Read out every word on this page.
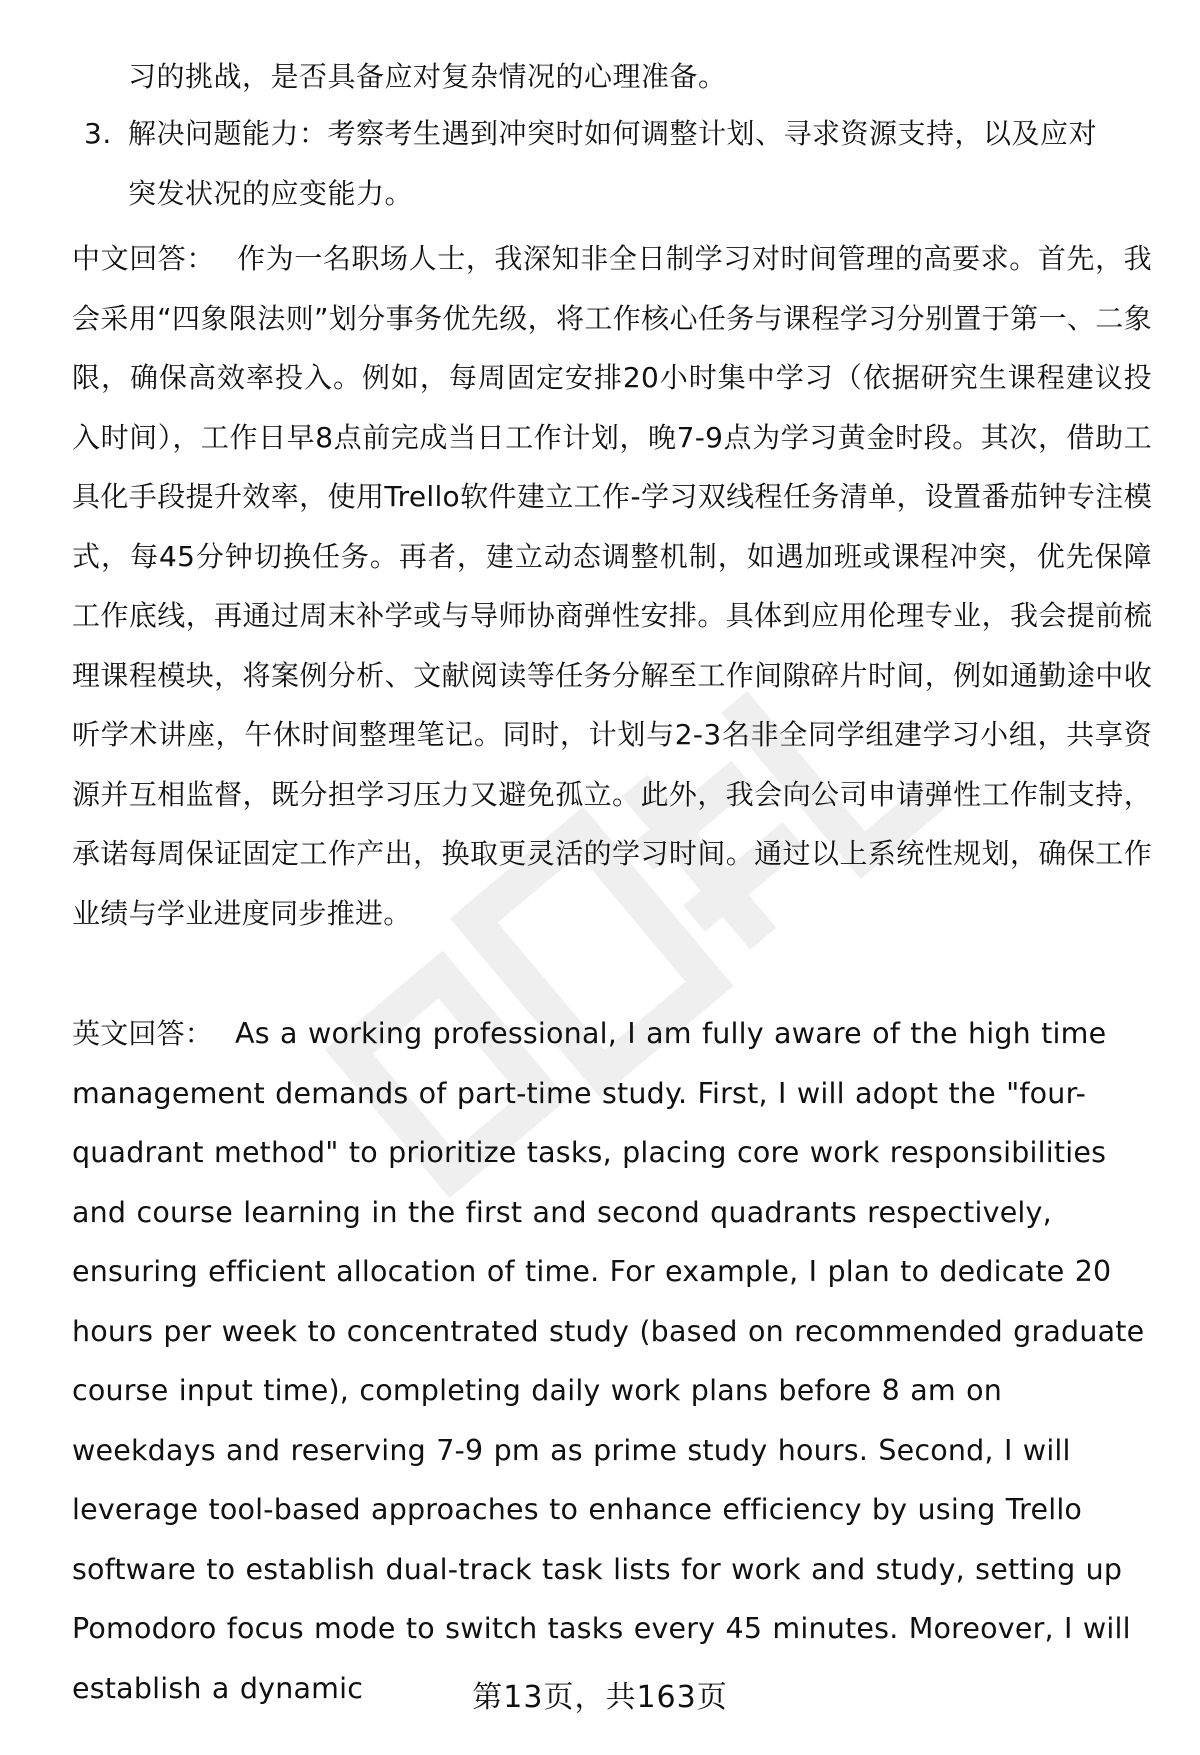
习的挑战，是否具备应对复杂情况的心理准备。
3. 解决问题能力：考察考生遇到冲突时如何调整计划、寻求资源支持，以及应对
突发状况的应变能力。
中文回答： 作为一名职场人士，我深知非全日制学习对时间管理的高要求。首先，我会采用“四象限法则”划分事务优先级，将工作核心任务与课程学习分别置于第一、二象限，确保高效率投入。例如，每周固定安排20小时集中学习（依据研究生课程建议投入时间），工作日早8点前完成当日工作计划，晚7-9点为学习黄金时段。其次，借助工具化手段提升效率，使用Trello软件建立工作-学习双线程任务清单，设置番茄钟专注模式，每45分钟切换任务。再者，建立动态调整机制，如遇加班或课程冲突，优先保障工作底线，再通过周末补学或与导师协商弹性安排。具体到应用伦理专业，我会提前梳理课程模块，将案例分析、文献阅读等任务分解至工作间隙碎片时间，例如通勤途中收听学术讲座，午休时间整理笔记。同时，计划与2-3名非全同学组建学习小组，共享资源并互相监督，既分担学习压力又避免孤立。此外，我会向公司申请弹性工作制支持，承诺每周保证固定工作产出，换取更灵活的学习时间。通过以上系统性规划，确保工作业绩与学业进度同步推进。
英文回答： As a working professional, I am fully aware of the high time management demands of part-time study. First, I will adopt the "four-quadrant method" to prioritize tasks, placing core work responsibilities and course learning in the first and second quadrants respectively, ensuring efficient allocation of time. For example, I plan to dedicate 20 hours per week to concentrated study (based on recommended graduate course input time), completing daily work plans before 8 am on weekdays and reserving 7-9 pm as prime study hours. Second, I will leverage tool-based approaches to enhance efficiency by using Trello software to establish dual-track task lists for work and study, setting up Pomodoro focus mode to switch tasks every 45 minutes. Moreover, I will establish a dynamic	第13页，共163页
